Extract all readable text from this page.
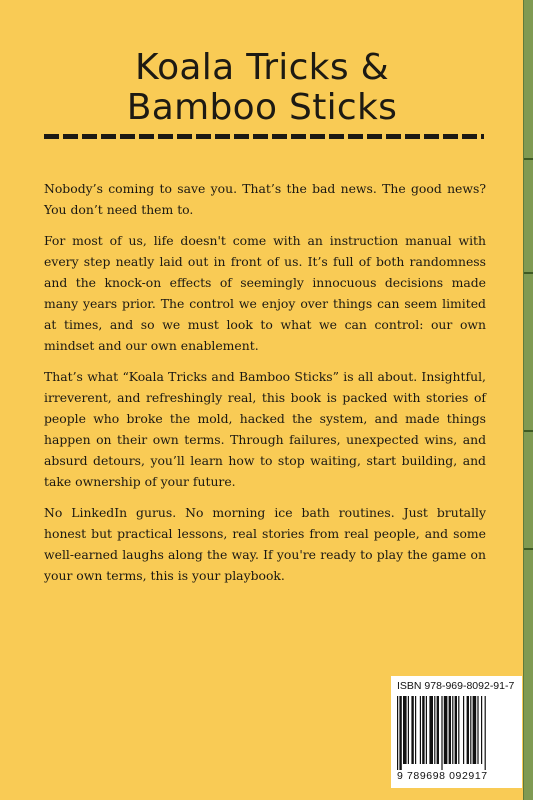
Koala Tricks &
Bamboo Sticks

Nobody’s coming to save you. That’s the bad news. The good news? You don’t need them to.

For most of us, life doesn't come with an instruction manual with every step neatly laid out in front of us. It’s full of both randomness and the knock-on effects of seemingly innocuous decisions made many years prior. The control we enjoy over things can seem limited at times, and so we must look to what we can control: our own mindset and our own enablement.

That’s what “Koala Tricks and Bamboo Sticks” is all about. Insightful, irreverent, and refreshingly real, this book is packed with stories of people who broke the mold, hacked the system, and made things happen on their own terms. Through failures, unexpected wins, and absurd detours, you’ll learn how to stop waiting, start building, and take ownership of your future.

No LinkedIn gurus. No morning ice bath routines. Just brutally honest but practical lessons, real stories from real people, and some well-earned laughs along the way. If you're ready to play the game on your own terms, this is your playbook.

ISBN 978-969-8092-91-7
9 789698 092917
